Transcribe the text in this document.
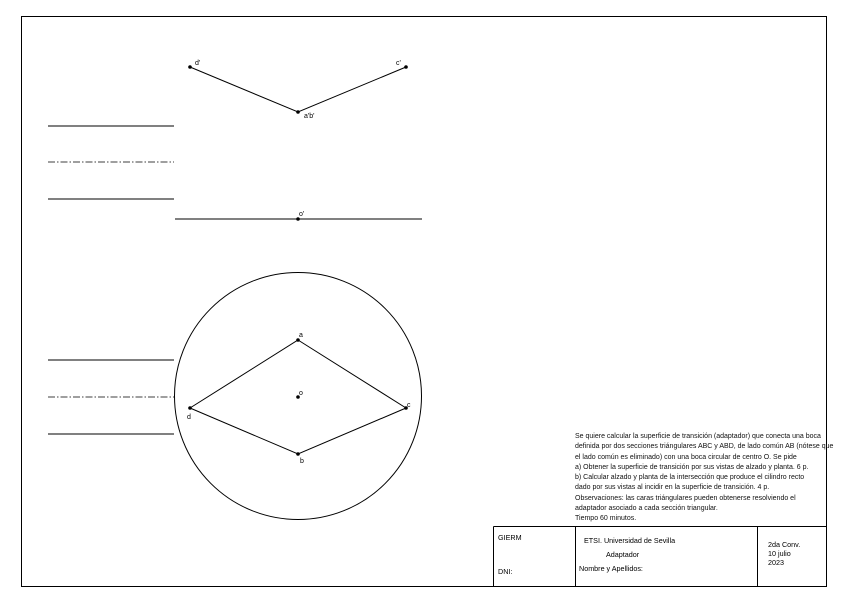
d'	c'
a'b'
o'
a
b
c
d
o
Se quiere calcular la superficie de transición (adaptador) que conecta una boca
definida por dos secciones triángulares ABC y ABD, de lado común AB (nótese que
el lado común es eliminado) con una boca circular de centro O. Se pide
a) Obtener la superficie de transición por sus vistas de alzado y planta. 6 p.
b) Calcular alzado y planta de la intersección que produce el cilindro recto
dado por sus vistas al incidir en la superficie de transición. 4 p.
Observaciones: las caras triángulares pueden obtenerse resolviendo el
adaptador asociado a cada sección triangular.
Tiempo 60 minutos.
GIERM
DNI:
ETSI. Universidad de Sevilla
Adaptador
Nombre y Apellidos:
2da Conv.
10 julio
2023
